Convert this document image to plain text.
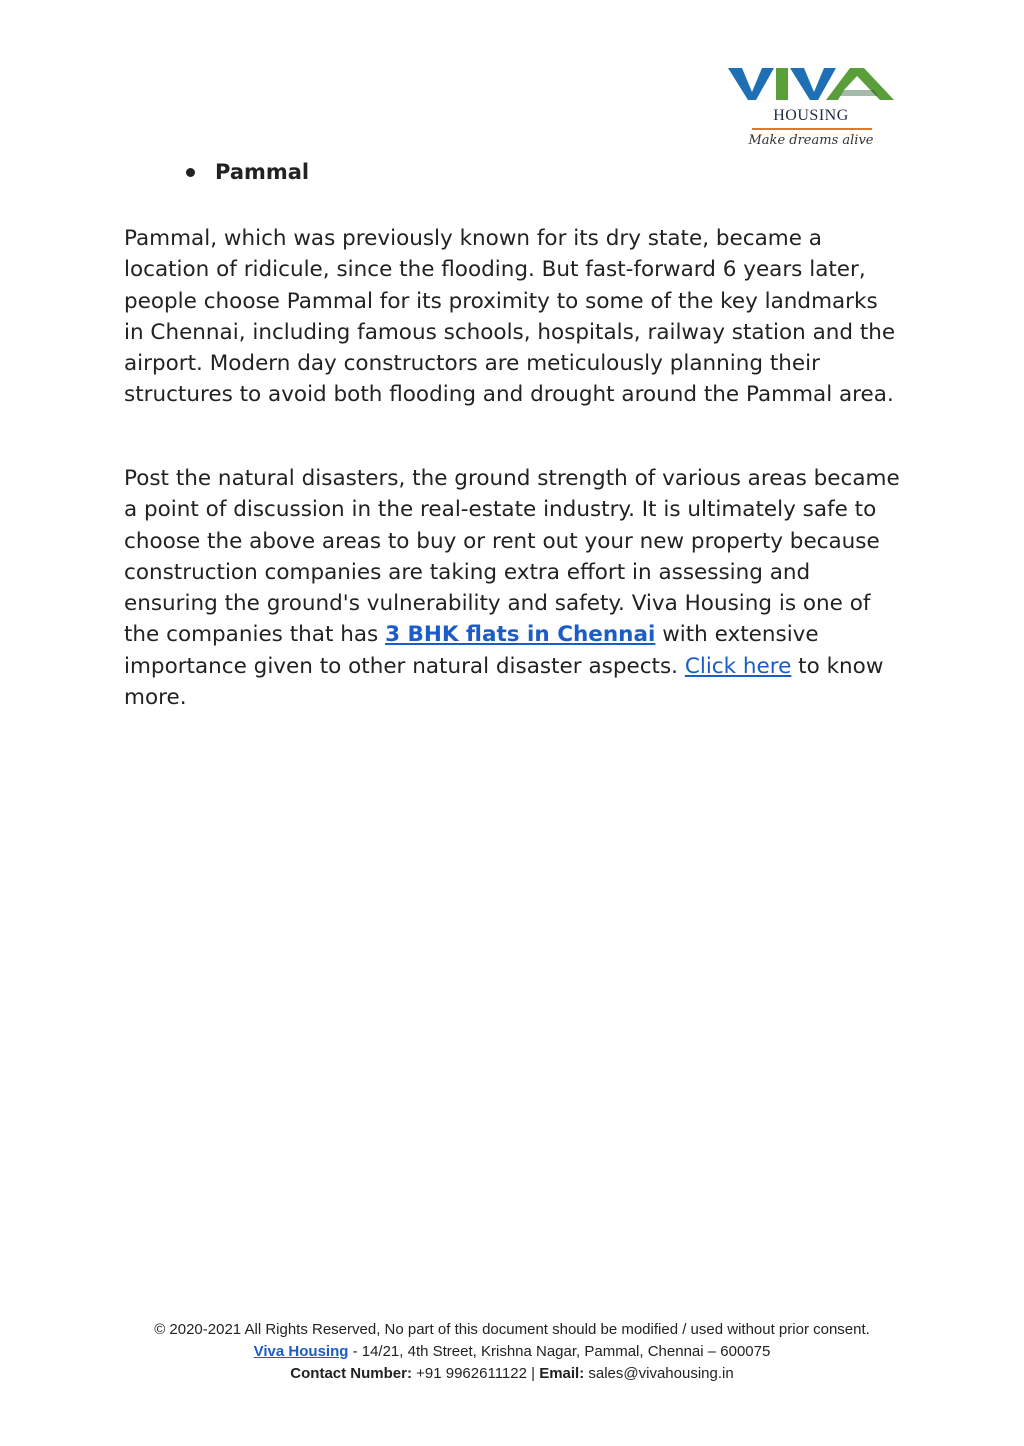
HOUSING
Make dreams alive
Pammal

Pammal, which was previously known for its dry state, became a location of ridicule, since the flooding. But fast-forward 6 years later, people choose Pammal for its proximity to some of the key landmarks in Chennai, including famous schools, hospitals, railway station and the airport. Modern day constructors are meticulously planning their structures to avoid both flooding and drought around the Pammal area.

Post the natural disasters, the ground strength of various areas became a point of discussion in the real-estate industry. It is ultimately safe to choose the above areas to buy or rent out your new property because construction companies are taking extra effort in assessing and ensuring the ground's vulnerability and safety. Viva Housing is one of the companies that has 3 BHK flats in Chennai with extensive importance given to other natural disaster aspects. Click here to know more.

© 2020-2021 All Rights Reserved, No part of this document should be modified / used without prior consent.
Viva Housing - 14/21, 4th Street, Krishna Nagar, Pammal, Chennai – 600075
Contact Number: +91 9962611122 | Email: sales@vivahousing.in
